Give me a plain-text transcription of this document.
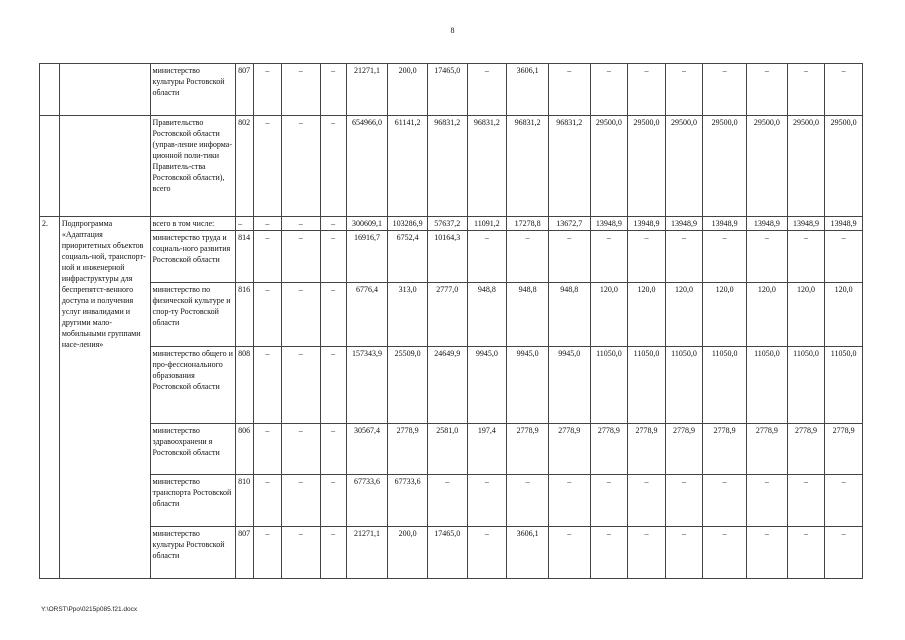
8
		министерство культуры Ростовской области	807	–	–	–	21271,1	200,0	17465,0	–	3606,1	–	–	–	–	–	–	–	–
		Правительство Ростовской области (управ-ление информа-ционной поли-тики Правитель-ства Ростовской области), всего	802	–	–	–	654966,0	61141,2	96831,2	96831,2	96831,2	96831,2	29500,0	29500,0	29500,0	29500,0	29500,0	29500,0	29500,0
2.	Подпрограмма «Адаптация приоритетных объектов социаль-ной, транспорт-ной и инженерной инфраструктуры для беспрепятст-венного доступа и получения услуг инвалидами и другими мало-мобильными группами насе-ления»	всего в том числе:	–	–	–	–	300609,1	103286,9	57637,2	11091,2	17278,8	13672,7	13948,9	13948,9	13948,9	13948,9	13948,9	13948,9	13948,9
		министерство труда и социаль-ного развития Ростовской области	814	–	–	–	16916,7	6752,4	10164,3	–	–	–	–	–	–	–	–	–	–
		министерство по физической культуре и спор-ту Ростовской области	816	–	–	–	6776,4	313,0	2777,0	948,8	948,8	948,8	120,0	120,0	120,0	120,0	120,0	120,0	120,0
		министерство общего и про-фессионального образования Ростовской области	808	–	–	–	157343,9	25509,0	24649,9	9945,0	9945,0	9945,0	11050,0	11050,0	11050,0	11050,0	11050,0	11050,0	11050,0
		министерство здравоохранени я Ростовской области	806	–	–	–	30567,4	2778,9	2581,0	197,4	2778,9	2778,9	2778,9	2778,9	2778,9	2778,9	2778,9	2778,9	2778,9
		министерство транспорта Ростовской области	810	–	–	–	67733,6	67733,6	–	–	–	–	–	–	–	–	–	–	–
		министерство культуры Ростовской области	807	–	–	–	21271,1	200,0	17465,0	–	3606,1	–	–	–	–	–	–	–	–
Y:\ORST\Ppo\0215p085.f21.docx
